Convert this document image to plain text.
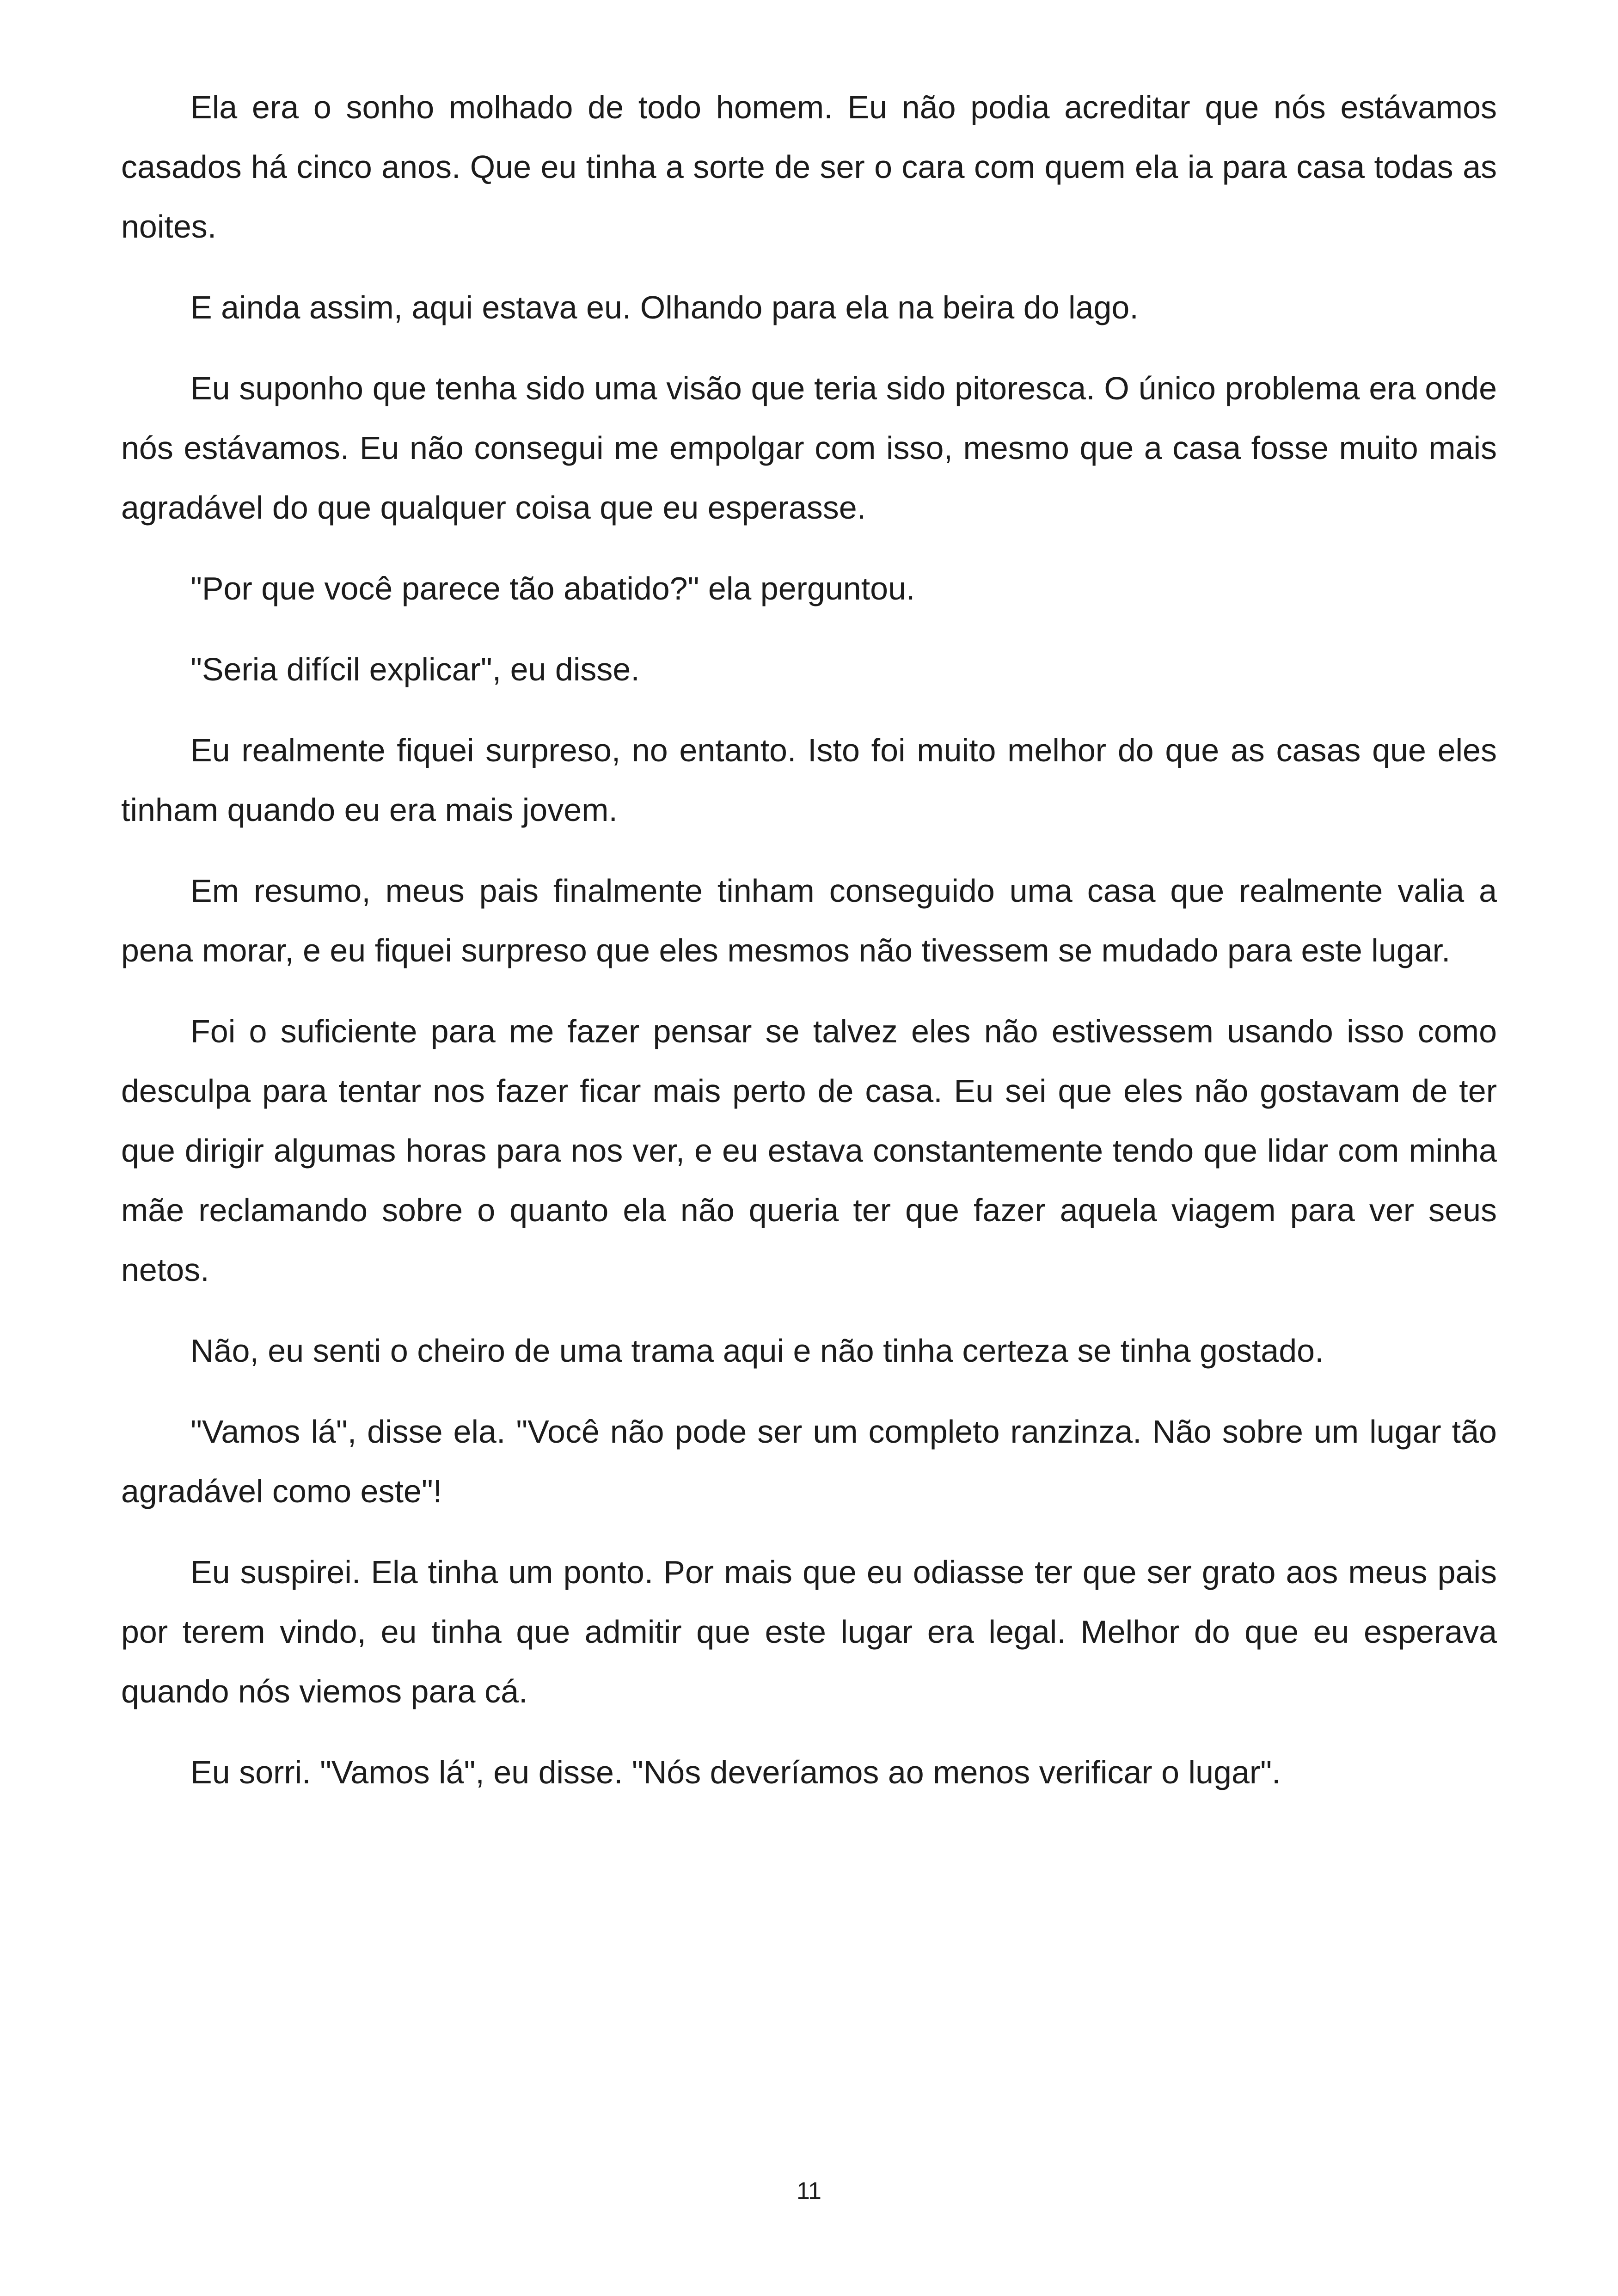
Ela era o sonho molhado de todo homem. Eu não podia acreditar que nós estávamos casados há cinco anos. Que eu tinha a sorte de ser o cara com quem ela ia para casa todas as noites.

E ainda assim, aqui estava eu. Olhando para ela na beira do lago.

Eu suponho que tenha sido uma visão que teria sido pitoresca. O único problema era onde nós estávamos. Eu não consegui me empolgar com isso, mesmo que a casa fosse muito mais agradável do que qualquer coisa que eu esperasse.

"Por que você parece tão abatido?" ela perguntou.

"Seria difícil explicar", eu disse.

Eu realmente fiquei surpreso, no entanto. Isto foi muito melhor do que as casas que eles tinham quando eu era mais jovem.

Em resumo, meus pais finalmente tinham conseguido uma casa que realmente valia a pena morar, e eu fiquei surpreso que eles mesmos não tivessem se mudado para este lugar.

Foi o suficiente para me fazer pensar se talvez eles não estivessem usando isso como desculpa para tentar nos fazer ficar mais perto de casa. Eu sei que eles não gostavam de ter que dirigir algumas horas para nos ver, e eu estava constantemente tendo que lidar com minha mãe reclamando sobre o quanto ela não queria ter que fazer aquela viagem para ver seus netos.

Não, eu senti o cheiro de uma trama aqui e não tinha certeza se tinha gostado.

"Vamos lá", disse ela. "Você não pode ser um completo ranzinza. Não sobre um lugar tão agradável como este"!

Eu suspirei. Ela tinha um ponto. Por mais que eu odiasse ter que ser grato aos meus pais por terem vindo, eu tinha que admitir que este lugar era legal. Melhor do que eu esperava quando nós viemos para cá.

Eu sorri. "Vamos lá", eu disse. "Nós deveríamos ao menos verificar o lugar".

11
